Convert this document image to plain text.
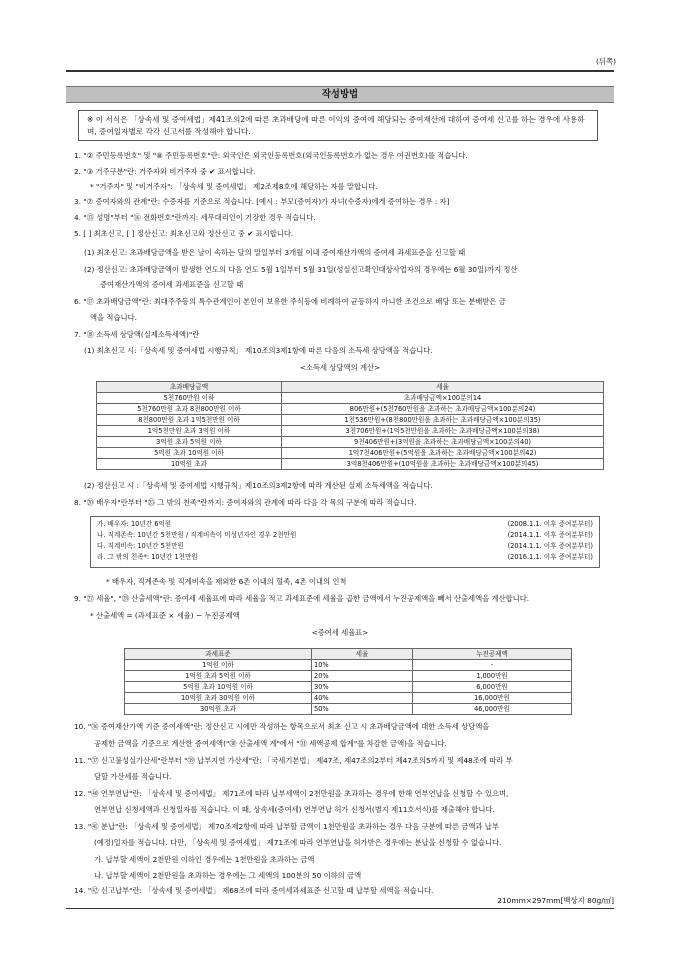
(뒤쪽)
작성방법
※ 이 서식은 「상속세 및 증여세법」제41조의2에 따른 초과배당에 따른 이익의 증여에 해당되는 증여재산에 대하여 증여세 신고를 하는 경우에 사용하며, 증여일자별로 각각 신고서를 작성해야 합니다.
1. "② 주민등록번호" 및 "⑧ 주민등록번호"란: 외국인은 외국인등록번호(외국인등록번호가 없는 경우 여권번호)를 적습니다.
2. "③ 거주구분"란: 거주자와 비거주자 중 ✔ 표시합니다.
* "거주자" 및 "비거주자": 「상속세 및 증여세법」 제2조제8호에 해당하는 자를 말합니다.
3. "⑦ 증여자와의 관계"란: 수증자를 기준으로 적습니다. [예시 : 부모(증여자)가 자녀(수증자)에게 증여하는 경우 : 자]
4. "⑬ 성명"부터 "⑯ 전화번호"란까지: 세무대리인이 기장한 경우 적습니다.
5. [ ] 최초신고, [ ] 정산신고: 최초신고와 정산신고 중 ✔ 표시합니다.
(1) 최초신고: 초과배당금액을 받은 날이 속하는 달의 말일부터 3개월 이내 증여재산가액의 증여세 과세표준을 신고할 때
(2) 정산신고: 초과배당금액이 발생한 연도의 다음 연도 5월 1일부터 5월 31일(성실신고확인대상사업자의 경우에는 6월 30일)까지 정산
증여재산가액의 증여세 과세표준을 신고할 때
6. "⑰ 초과배당금액"란: 최대주주등의 특수관계인이 본인이 보유한 주식등에 비례하여 균등하지 아니한 조건으로 배당 또는 분배받은 금
액을 적습니다.
7. "⑱ 소득세 상당액(실제소득세액)"란
(1) 최초신고 시:「상속세 및 증여세법 시행규칙」 제10조의3제1항에 따른 다음의 소득세 상당액을 적습니다.
<소득세 상당액의 계산>
초과배당금액	세율
5천760만원 이하	초과배당금액×100분의14
5천760만원 초과 8천800만원 이하	806만원+(5천760만원을 초과하는 초과배당금액×100분의24)
8천800만원 초과 1억5천만원 이하	1천536만원+(8천800만원을 초과하는 초과배당금액×100분의35)
1억5천만원 초과 3억원 이하	3천706만원+(1억5천만원을 초과하는 초과배당금액×100분의38)
3억원 초과 5억원 이하	9천406만원+(3억원을 초과하는 초과배당금액×100분의40)
5억원 초과 10억원 이하	1억7천406만원+(5억원을 초과하는 초과배당금액×100분의42)
10억원 초과	3억8천406만원+(10억원을 초과하는 초과배당금액×100분의45)
(2) 정산신고 시 :「상속세 및 증여세법 시행규칙」제10조의3제2항에 따라 계산된 실제 소득세액을 적습니다.
8. "⑳ 배우자"란부터 "㉕ 그 밖의 친족"란까지: 증여자와의 관계에 따라 다음 각 목의 구분에 따라 적습니다.
가. 배우자: 10년간 6억원	(2008.1.1. 이후 증여분부터)
나. 직계존속: 10년간 5천만원 / 직계비속이 미성년자인 경우 2천만원	(2014.1.1. 이후 증여분부터)
다. 직계비속: 10년간 5천만원	(2014.1.1. 이후 증여분부터)
라. 그 밖의 친족*: 10년간 1천만원	(2016.1.1. 이후 증여분부터)
* 배우자, 직계존속 및 직계비속을 제외한 6촌 이내의 혈족, 4촌 이내의 인척
9. "㉗ 세율", "㉘ 산출세액"란: 증여세 세율표에 따라 세율을 적고 과세표준에 세율을 곱한 금액에서 누진공제액을 빼서 산출세액을 계산합니다.
* 산출세액 = (과세표준 × 세율) − 누진공제액
<증여세 세율표>
과세표준	세율	누진공제액
1억원 이하	10%	-
1억원 초과 5억원 이하	20%	1,000만원
5억원 초과 10억원 이하	30%	6,000만원
10억원 초과 30억원 이하	40%	16,000만원
30억원 초과	50%	46,000만원
10. "㊱ 증여재산가액 기준 증여세액"란: 정산신고 시에만 작성하는 항목으로서 최초 신고 시 초과배당금액에 대한 소득세 상당액을
공제한 금액을 기준으로 계산한 증여세액("㉚ 산출세액 계"에서 "㉛ 세액공제 합계"를 차감한 금액)을 적습니다.
11. "㊲ 신고불성실가산세"란부터 "㊴ 납부지연 가산세"란: 「국세기본법」 제47조, 제47조의2부터 제47조의5까지 및 제48조에 따라 부
담할 가산세를 적습니다.
12. "㊵ 연부연납"란: 「상속세 및 증여세법」 제71조에 따라 납부세액이 2천만원을 초과하는 경우에 한해 연부연납을 신청할 수 있으며,
연부연납 신청세액과 신청일자를 적습니다. 이 때, 상속세(증여세) 연부연납 허가 신청서(별지 제11호서식)를 제출해야 합니다.
13. "㊶ 분납"란: 「상속세 및 증여세법」 제70조제2항에 따라 납부할 금액이 1천만원을 초과하는 경우 다음 구분에 따른 금액과 납부
(예정)일자를 적습니다. 다만, 「상속세 및 증여세법」 제71조에 따라 연부연납을 허가받은 경우에는 분납을 신청할 수 없습니다.
가. 납부할 세액이 2천만원 이하인 경우에는 1천만원을 초과하는 금액
나. 납부할 세액이 2천만원을 초과하는 경우에는 그 세액의 100분의 50 이하의 금액
14. "㊷ 신고납부"란: 「상속세 및 증여세법」 제68조에 따라 증여세과세표준 신고할 때 납부할 세액을 적습니다.
210mm×297mm[백상지 80g/㎡]
